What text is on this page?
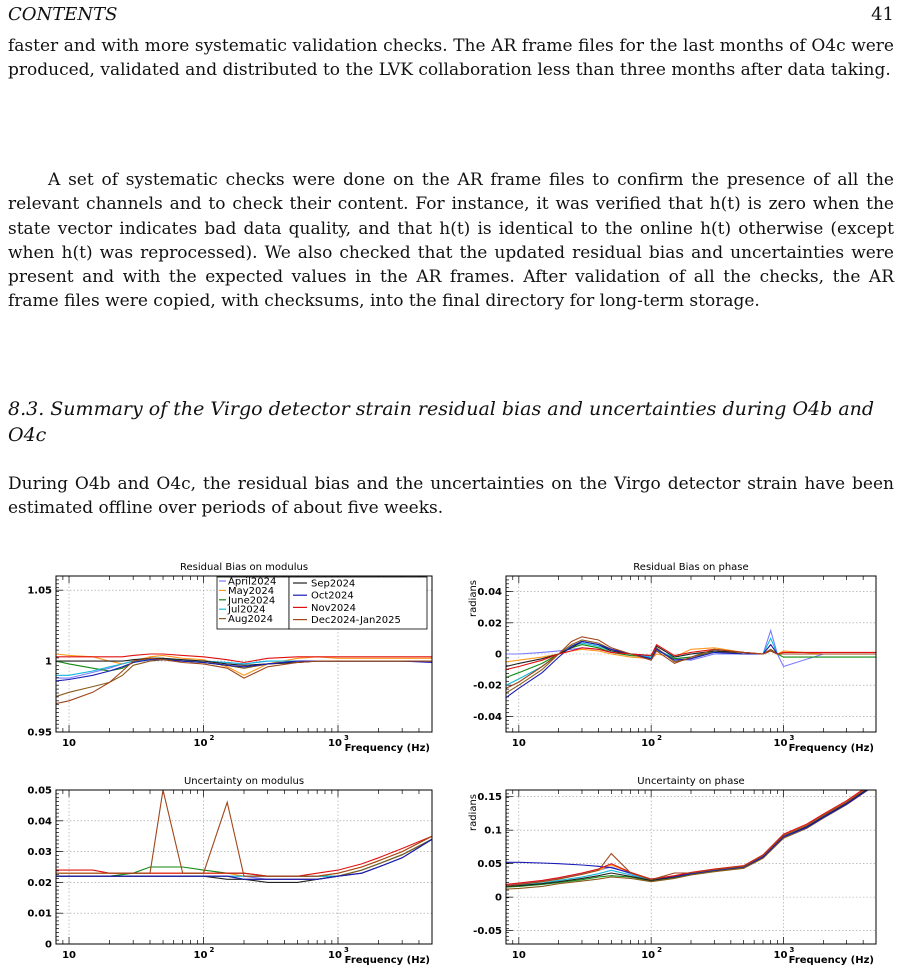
CONTENTS	41

faster and with more systematic validation checks. The AR frame files for the last months of O4c were produced, validated and distributed to the LVK collaboration less than three months after data taking.

A set of systematic checks were done on the AR frame files to confirm the presence of all the relevant channels and to check their content. For instance, it was verified that h(t) is zero when the state vector indicates bad data quality, and that h(t) is identical to the online h(t) otherwise (except when h(t) was reprocessed). We also checked that the updated residual bias and uncertainties were present and with the expected values in the AR frames. After validation of all the checks, the AR frame files were copied, with checksums, into the final directory for long-term storage.

8.3. Summary of the Virgo detector strain residual bias and uncertainties during O4b and O4c

During O4b and O4c, the residual bias and the uncertainties on the Virgo detector strain have been estimated offline over periods of about five weeks.

Residual Bias on modulus
0.95
1
1.05
10	10 2	10 3
Frequency (Hz)
April2024
May2024
June2024
Jul2024
Aug2024
Sep2024
Oct2024
Nov2024
Dec2024-Jan2025
Residual Bias on phase
-0.04
-0.02
0
0.02
0.04
10	10 2	10 3
Frequency (Hz)
radians
Uncertainty on modulus
0
0.01
0.02
0.03
0.04
0.05
10	10 2	10 3
Frequency (Hz)
Uncertainty on phase
-0.05
0
0.05
0.1
0.15
10	10 2	10 3
Frequency (Hz)
radians
